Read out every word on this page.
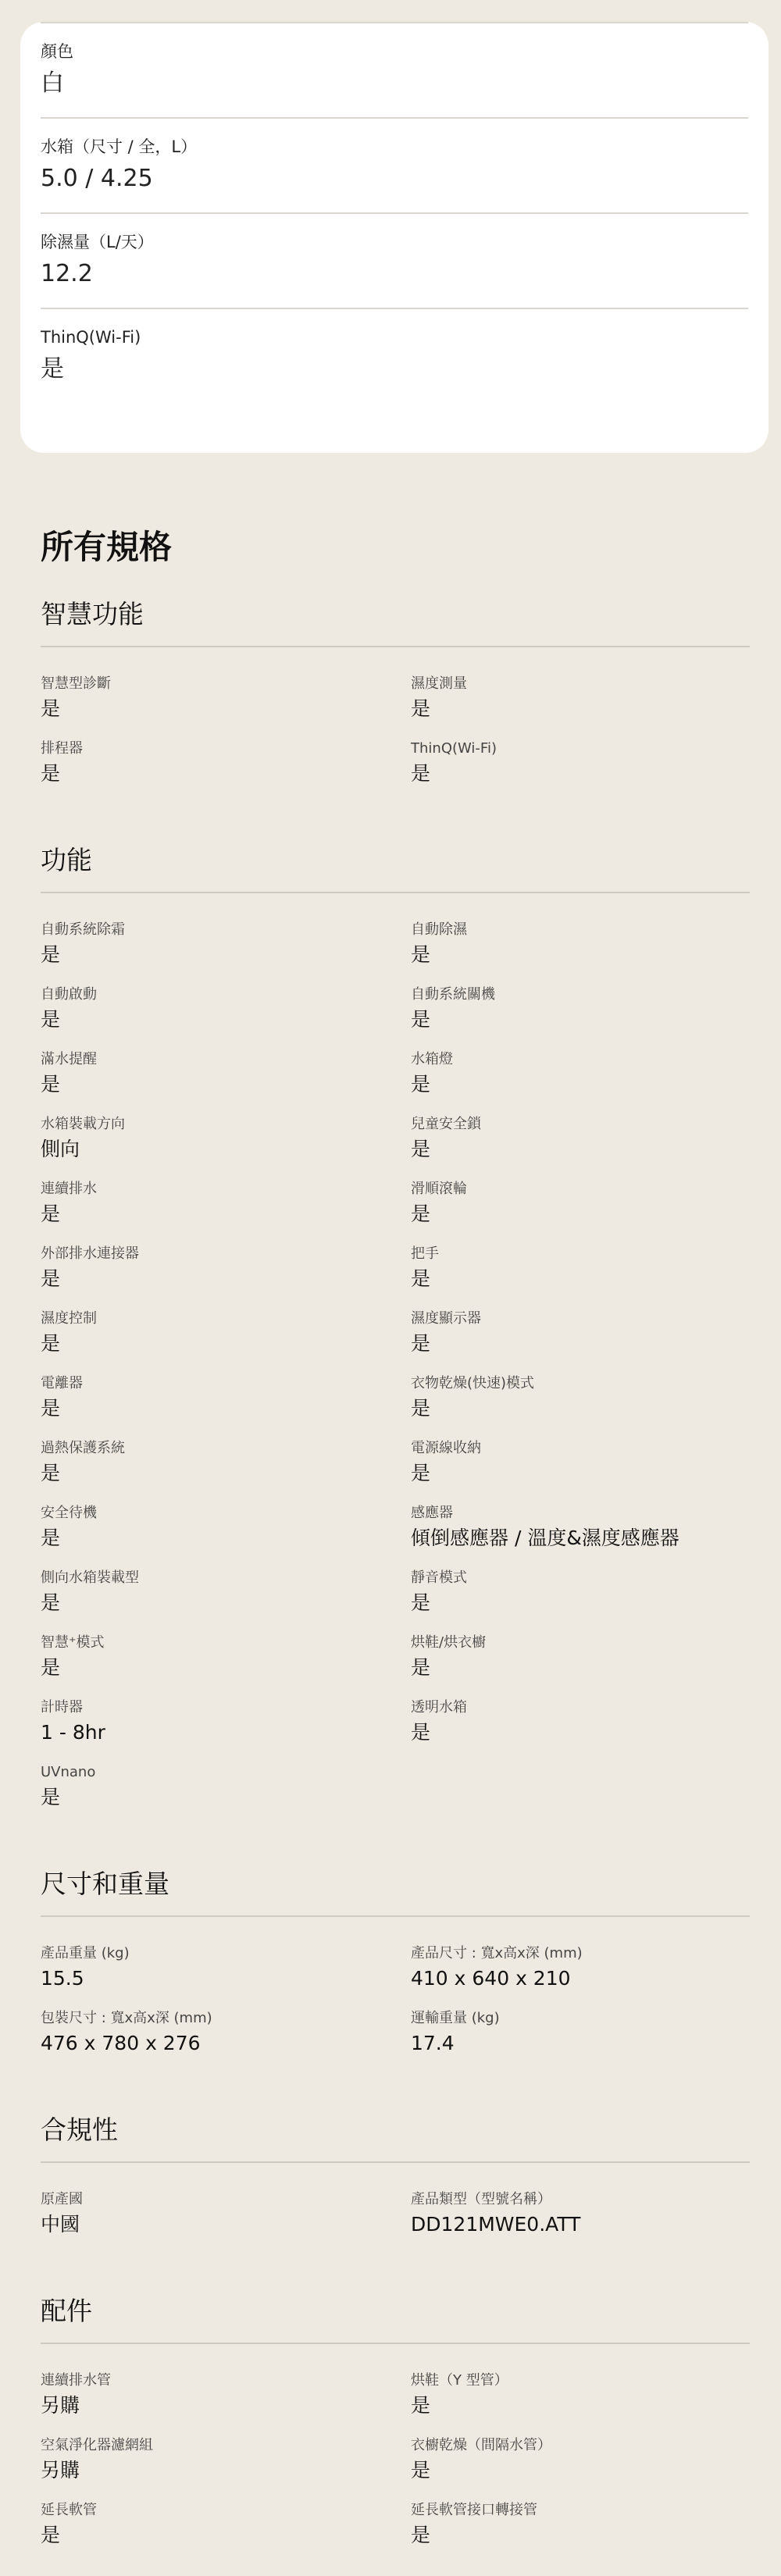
顏色
白
水箱（尺寸 / 全，L）
5.0 / 4.25
除濕量（L/天）
12.2
ThinQ(Wi-Fi)
是
所有規格
智慧功能
智慧型診斷
是
濕度測量
是
排程器
是
ThinQ(Wi-Fi)
是
功能
自動系統除霜
是
自動除濕
是
自動啟動
是
自動系統關機
是
滿水提醒
是
水箱燈
是
水箱裝載方向
側向
兒童安全鎖
是
連續排水
是
滑順滾輪
是
外部排水連接器
是
把手
是
濕度控制
是
濕度顯示器
是
電離器
是
衣物乾燥(快速)模式
是
過熱保護系統
是
電源線收納
是
安全待機
是
感應器
傾倒感應器 / 溫度&濕度感應器
側向水箱裝載型
是
靜音模式
是
智慧⁺模式
是
烘鞋/烘衣櫥
是
計時器
1 - 8hr
透明水箱
是
UVnano
是
尺寸和重量
產品重量 (kg)
15.5
產品尺寸 : 寬x高x深 (mm)
410 x 640 x 210
包裝尺寸 : 寬x高x深 (mm)
476 x 780 x 276
運輸重量 (kg)
17.4
合規性
原產國
中國
產品類型（型號名稱）
DD121MWE0.ATT
配件
連續排水管
另購
烘鞋（Y 型管）
是
空氣淨化器濾網組
另購
衣櫥乾燥（間隔水管）
是
延長軟管
是
延長軟管接口轉接管
是
